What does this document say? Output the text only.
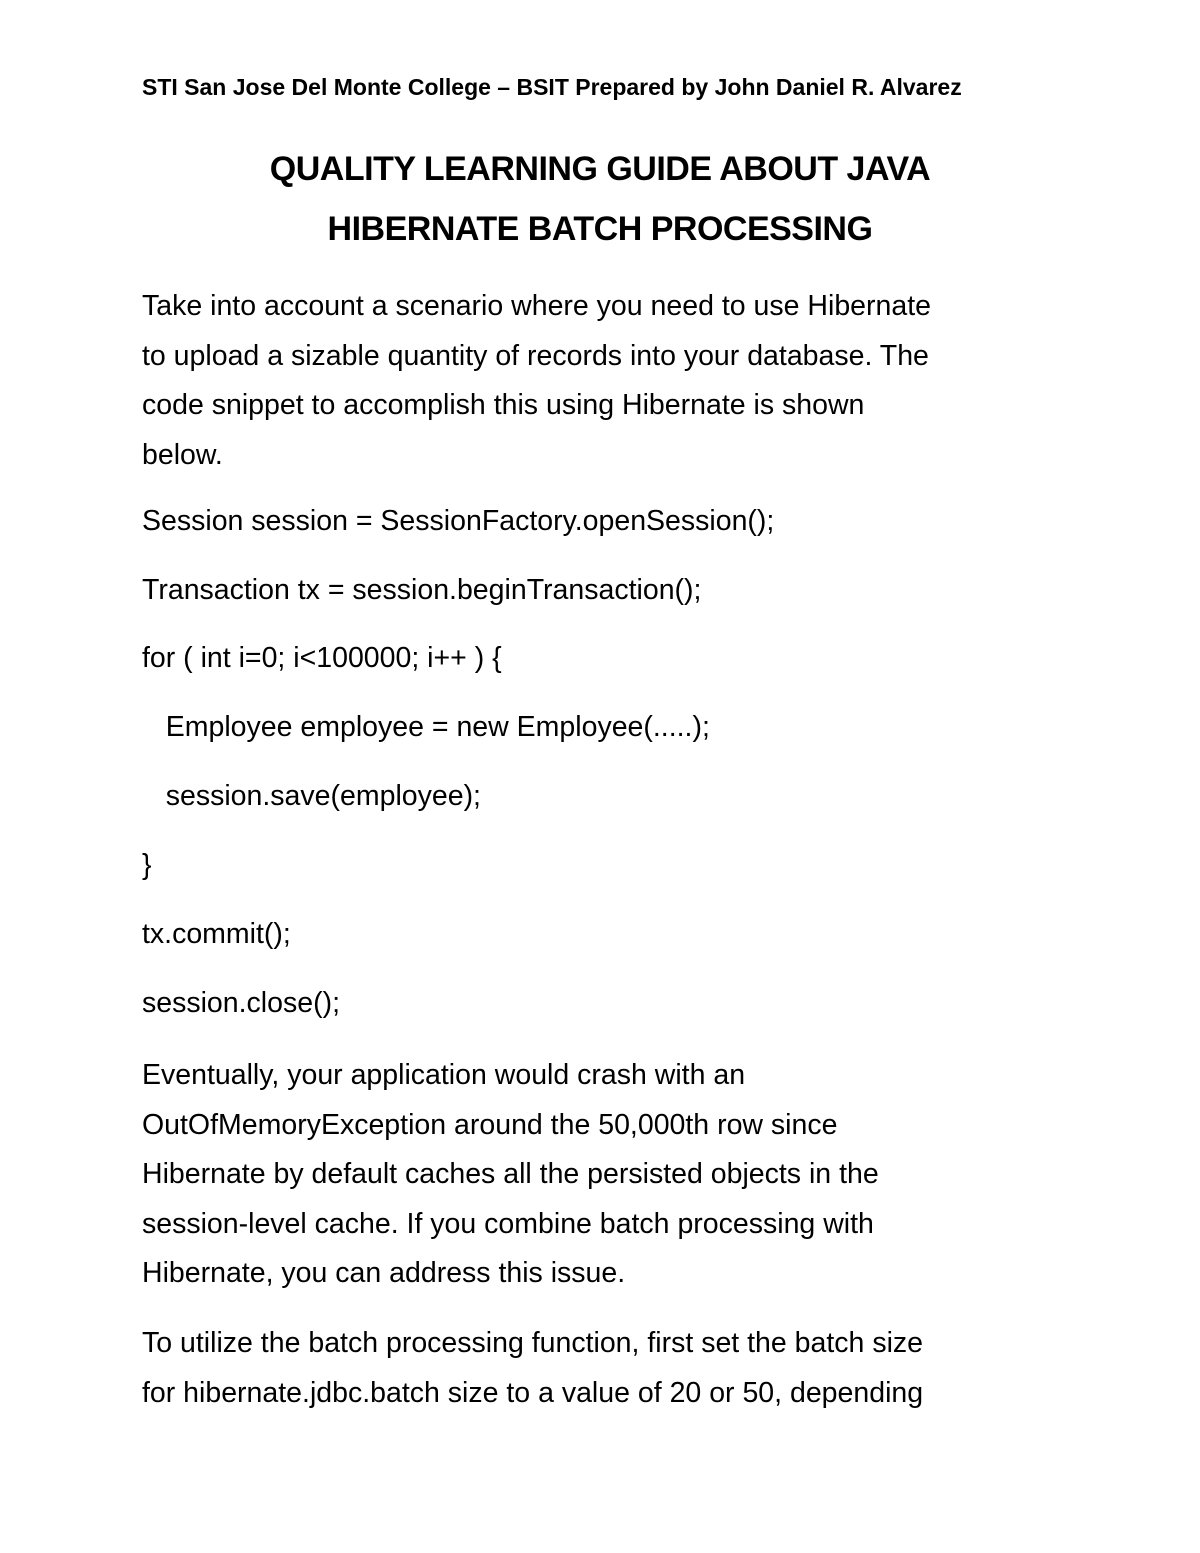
STI San Jose Del Monte College – BSIT Prepared by John Daniel R. Alvarez
QUALITY LEARNING GUIDE ABOUT JAVA
HIBERNATE BATCH PROCESSING
Take into account a scenario where you need to use Hibernate
to upload a sizable quantity of records into your database. The
code snippet to accomplish this using Hibernate is shown
below.
Session session = SessionFactory.openSession();
Transaction tx = session.beginTransaction();
for ( int i=0; i<100000; i++ ) {
Employee employee = new Employee(.....);
session.save(employee);
}
tx.commit();
session.close();
Eventually, your application would crash with an
OutOfMemoryException around the 50,000th row since
Hibernate by default caches all the persisted objects in the
session-level cache. If you combine batch processing with
Hibernate, you can address this issue.
To utilize the batch processing function, first set the batch size
for hibernate.jdbc.batch size to a value of 20 or 50, depending
